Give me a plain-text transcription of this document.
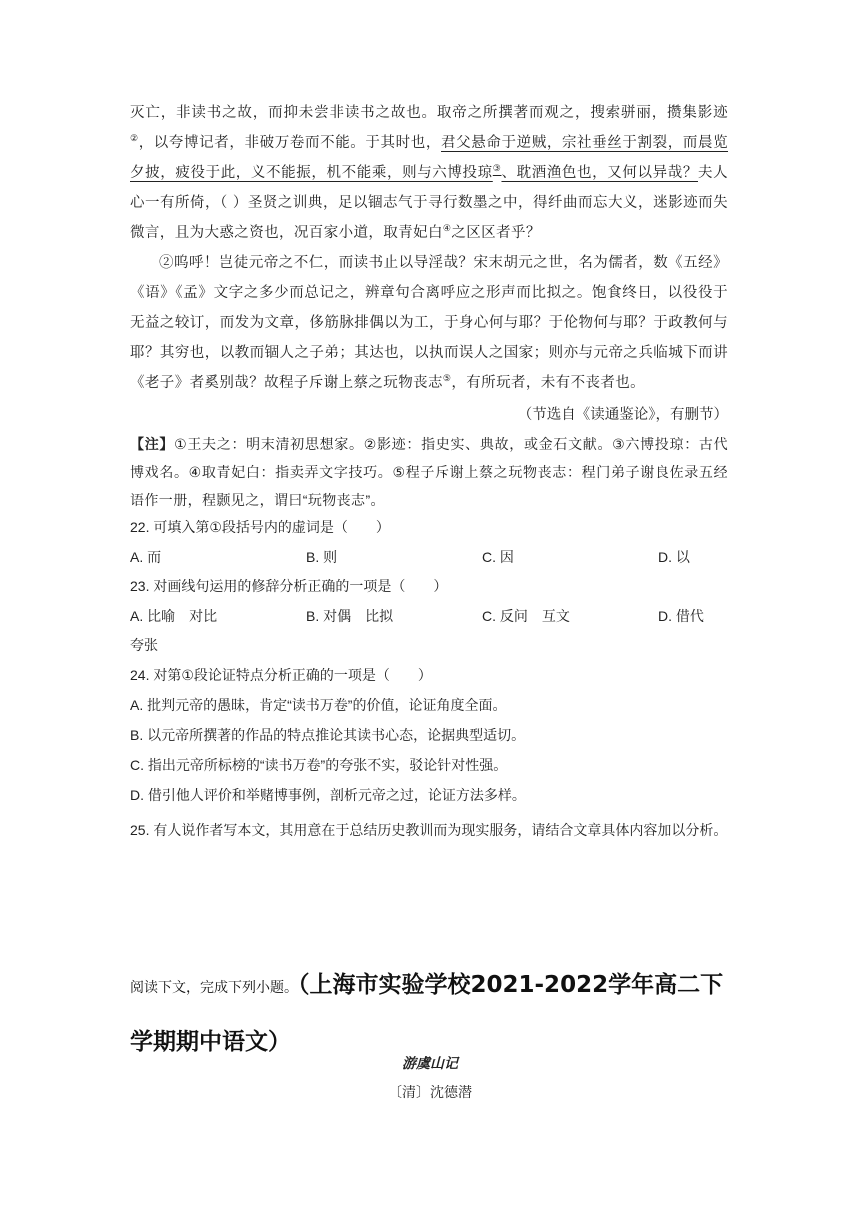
灭亡，非读书之故，而抑未尝非读书之故也。取帝之所撰著而观之，搜索骈丽，攒集影迹②，以夸博记者，非破万卷而不能。于其时也，君父悬命于逆贼，宗社垂丝于割裂，而晨览夕披，疲役于此，义不能振，机不能乘，则与六博投琼③、耽酒渔色也，又何以异哉？夫人心一有所倚，（ ）圣贤之训典，足以锢志气于寻行数墨之中，得纤曲而忘大义，迷影迹而失微言，且为大惑之资也，况百家小道，取青妃白④之区区者乎？
②呜呼！岂徒元帝之不仁，而读书止以导淫哉？宋末胡元之世，名为儒者，数《五经》《语》《孟》文字之多少而总记之，辨章句合离呼应之形声而比拟之。饱食终日，以役役于无益之较订，而发为文章，侈筋脉排偶以为工，于身心何与耶？于伦物何与耶？于政教何与耶？其穷也，以教而锢人之子弟；其达也，以执而误人之国家；则亦与元帝之兵临城下而讲《老子》者奚别哉？故程子斥谢上蔡之玩物丧志⑤，有所玩者，未有不丧者也。
（节选自《读通鉴论》，有删节）
【注】①王夫之：明末清初思想家。②影迹：指史实、典故，或金石文献。③六博投琼：古代博戏名。④取青妃白：指卖弄文字技巧。⑤程子斥谢上蔡之玩物丧志：程门弟子谢良佐录五经语作一册，程颢见之，谓曰“玩物丧志”。
22. 可填入第①段括号内的虚词是（　　）
A. 而	B. 则	C. 因	D. 以
23. 对画线句运用的修辞分析正确的一项是（　　）
A. 比喻　对比	B. 对偶　比拟	C. 反问　互文	D. 借代
夸张
24. 对第①段论证特点分析正确的一项是（　　）
A. 批判元帝的愚昧，肯定“读书万卷”的价值，论证角度全面。
B. 以元帝所撰著的作品的特点推论其读书心态，论据典型适切。
C. 指出元帝所标榜的“读书万卷”的夸张不实，驳论针对性强。
D. 借引他人评价和举赌博事例，剖析元帝之过，论证方法多样。
25. 有人说作者写本文，其用意在于总结历史教训而为现实服务，请结合文章具体内容加以分析。
阅读下文，完成下列小题。（上海市实验学校2021-2022学年高二下学期期中语文）
游虞山记
〔清〕沈德潜
